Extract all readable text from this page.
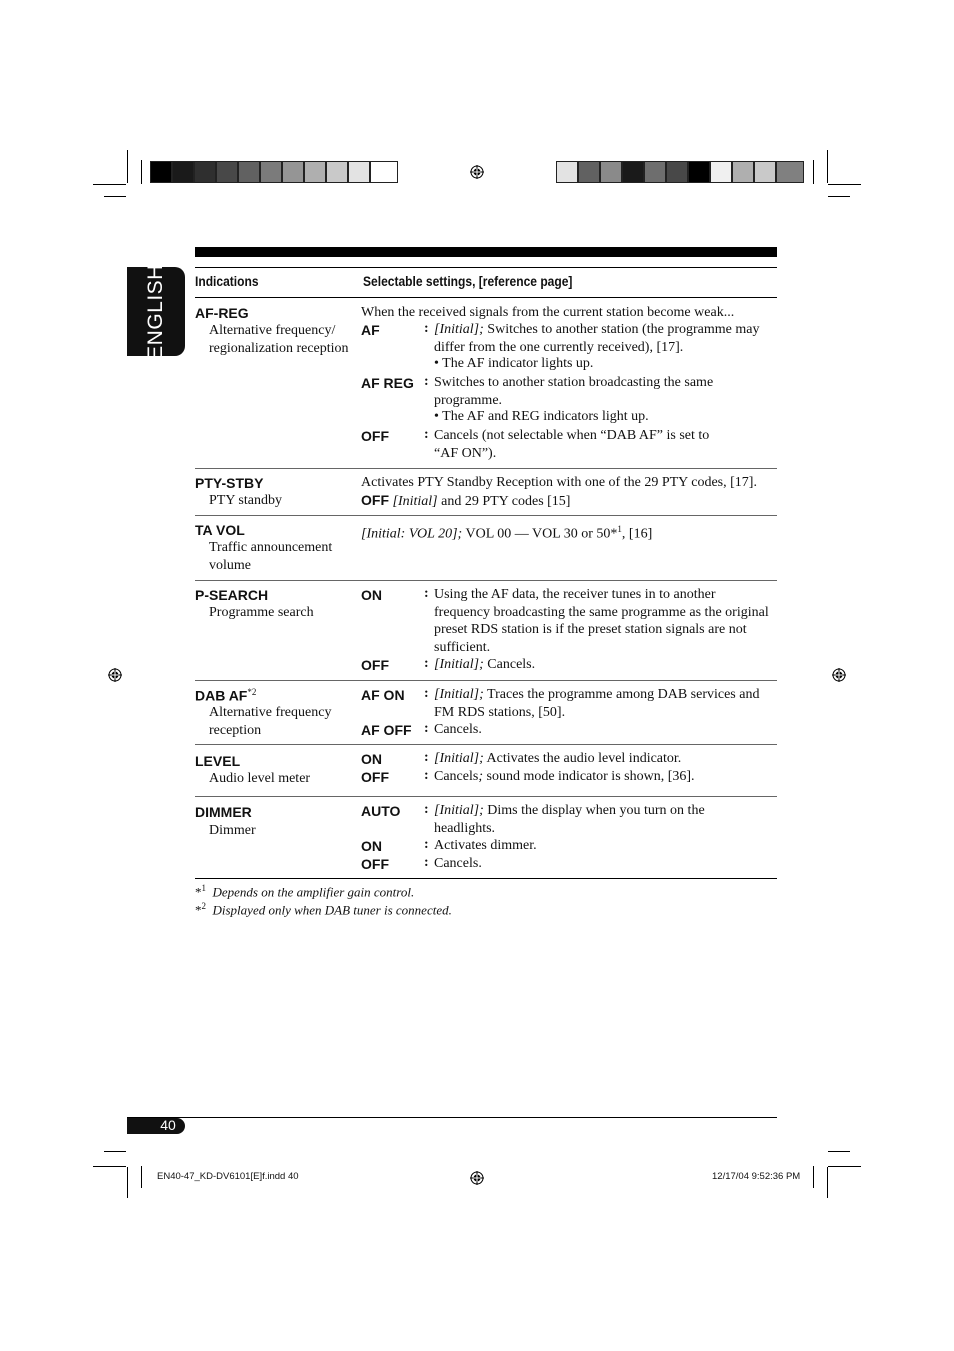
ENGLISH Indications	Selectable settings, [reference page]
AF-REG
Alternative frequency/ regionalization reception
When the received signals from the current station become weak...
AF	: [Initial]; Switches to another station (the programme may differ from the one currently received), [17].
• The AF indicator lights up.
AF REG : Switches to another station broadcasting the same programme.
• The AF and REG indicators light up.
OFF	: Cancels (not selectable when “DAB AF” is set to “AF ON”).
PTY-STBY
PTY standby
Activates PTY Standby Reception with one of the 29 PTY codes, [17].
OFF [Initial] and 29 PTY codes [15]
TA VOL
Traffic announcement volume
[Initial: VOL 20]; VOL 00 — VOL 30 or 50*$^1$, [16]
P-SEARCH
Programme search
ON	: Using the AF data, the receiver tunes in to another frequency broadcasting the same programme as the original preset RDS station is if the preset station signals are not sufficient.
OFF	: [Initial]; Cancels.
DAB AF$^{*2}$
Alternative frequency reception
AF ON : [Initial]; Traces the programme among DAB services and FM RDS stations, [50].
AF OFF : Cancels.
LEVEL
Audio level meter
ON	: [Initial]; Activates the audio level indicator.
OFF	: Cancels; sound mode indicator is shown, [36].
DIMMER
Dimmer
AUTO : [Initial]; Dims the display when you turn on the headlights.
ON	: Activates dimmer.
OFF	: Cancels.
*$^1$ Depends on the amplifier gain control.
*$^2$ Displayed only when DAB tuner is connected.
40
EN40-47_KD-DV6101[E]f.indd 40	12/17/04 9:52:36 PM
